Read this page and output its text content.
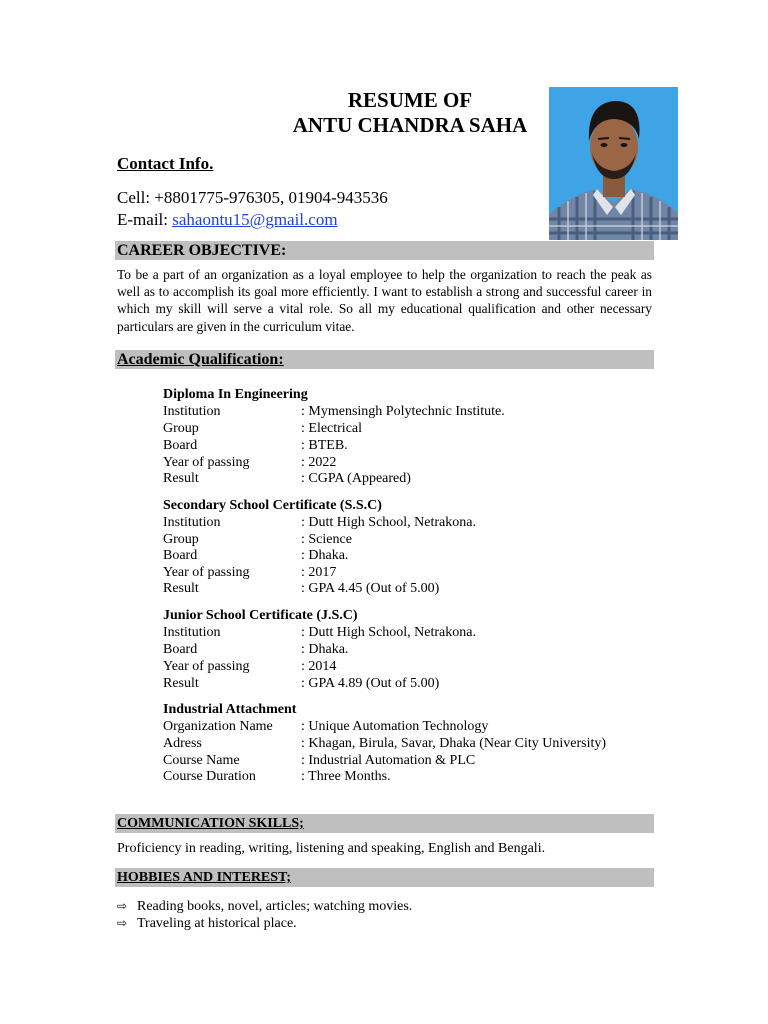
RESUME OF
ANTU CHANDRA SAHA
Contact Info.
Cell: +8801775-976305, 01904-943536
E-mail: sahaontu15@gmail.com
CAREER OBJECTIVE:
To be a part of an organization as a loyal employee to help the organization to reach the peak as well as to accomplish its goal more efficiently. I want to establish a strong and successful career in which my skill will serve a vital role. So all my educational qualification and other necessary particulars are given in the curriculum vitae.
Academic Qualification:
Diploma In Engineering
Institution	: Mymensingh Polytechnic Institute.
Group	: Electrical
Board	: BTEB.
Year of passing	: 2022
Result	: CGPA (Appeared)
Secondary School Certificate (S.S.C)
Institution	: Dutt High School, Netrakona.
Group	: Science
Board	: Dhaka.
Year of passing	: 2017
Result	: GPA 4.45 (Out of 5.00)
Junior School Certificate (J.S.C)
Institution	: Dutt High School, Netrakona.
Board	: Dhaka.
Year of passing	: 2014
Result	: GPA 4.89 (Out of 5.00)
Industrial Attachment
Organization Name : Unique Automation Technology
Adress	: Khagan, Birula, Savar, Dhaka (Near City University)
Course Name	: Industrial Automation & PLC
Course Duration	: Three Months.
COMMUNICATION SKILLS;
Proficiency in reading, writing, listening and speaking, English and Bengali.
HOBBIES AND INTEREST;
⇨ Reading books, novel, articles; watching movies.
⇨ Traveling at historical place.
